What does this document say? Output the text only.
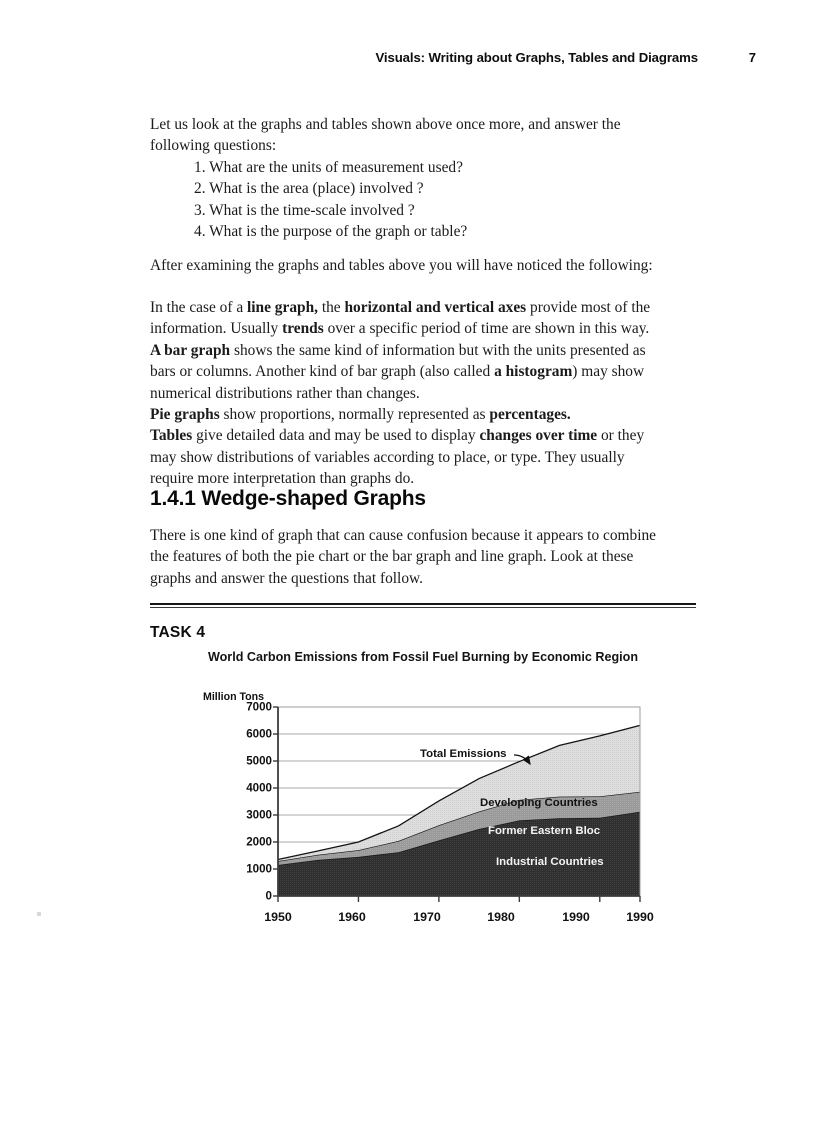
Visuals: Writing about Graphs, Tables and Diagrams	7

Let us look at the graphs and tables shown above once more, and answer the following questions:

1. What are the units of measurement used?
2. What is the area (place) involved ?
3. What is the time-scale involved ?
4. What is the purpose of the graph or table?

After examining the graphs and tables above you will have noticed the following:

In the case of a line graph, the horizontal and vertical axes provide most of the information. Usually trends over a specific period of time are shown in this way.

A bar graph shows the same kind of information but with the units presented as bars or columns. Another kind of bar graph (also called a histogram) may show numerical distributions rather than changes.

Pie graphs show proportions, normally represented as percentages.

Tables give detailed data and may be used to display changes over time or they may show distributions of variables according to place, or type. They usually require more interpretation than graphs do.

1.4.1 Wedge-shaped Graphs

There is one kind of graph that can cause confusion because it appears to combine the features of both the pie chart or the bar graph and line graph. Look at these graphs and answer the questions that follow.

TASK 4
World Carbon Emissions from Fossil Fuel Burning by Economic Region
Million Tons
7000
6000
5000
4000
3000
2000
1000
0
Developing Countries
Former Eastern Bloc
Industrial Countries
Total Emissions
1950	1960	1970	1980	1990	1990
